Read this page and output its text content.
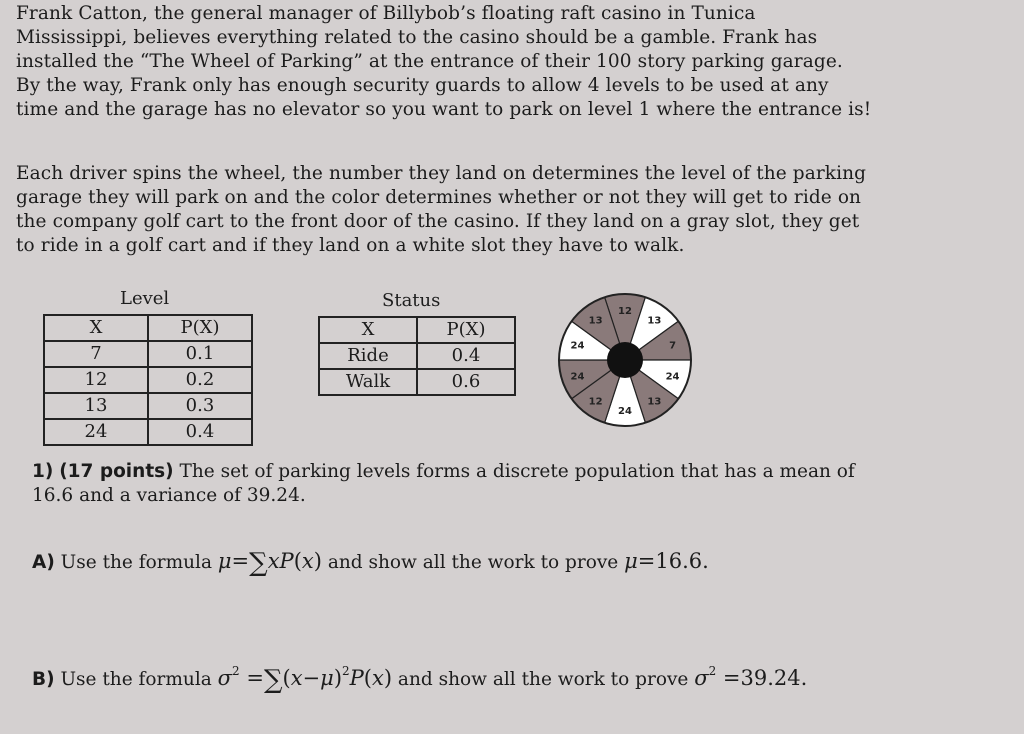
Frank Catton, the general manager of Billybob’s floating raft casino in Tunica

Mississippi, believes everything related to the casino should be a gamble. Frank has

installed the “The Wheel of Parking” at the entrance of their 100 story parking garage.

By the way, Frank only has enough security guards to allow 4 levels to be used at any

time and the garage has no elevator so you want to park on level 1 where the entrance is!

Each driver spins the wheel, the number they land on determines the level of the parking

garage they will park on and the color determines whether or not they will get to ride on

the company golf cart to the front door of the casino. If they land on a gray slot, they get

to ride in a golf cart and if they land on a white slot they have to walk.

Level
X	P(X)
7	0.1
12	0.2
13	0.3
24	0.4
Status
X	P(X)
Ride	0.4
Walk	0.6
12
13
7
24
13
24
12
24
24
13
1) (17 points) The set of parking levels forms a discrete population that has a mean of
16.6 and a variance of 39.24.
A) Use the formula μ=∑xP(x) and show all the work to prove μ=16.6.
B) Use the formula $\sigma^2 =\sum(x-\mu)^2P(x)$ and show all the work to prove $\sigma^2 =39.24$.
